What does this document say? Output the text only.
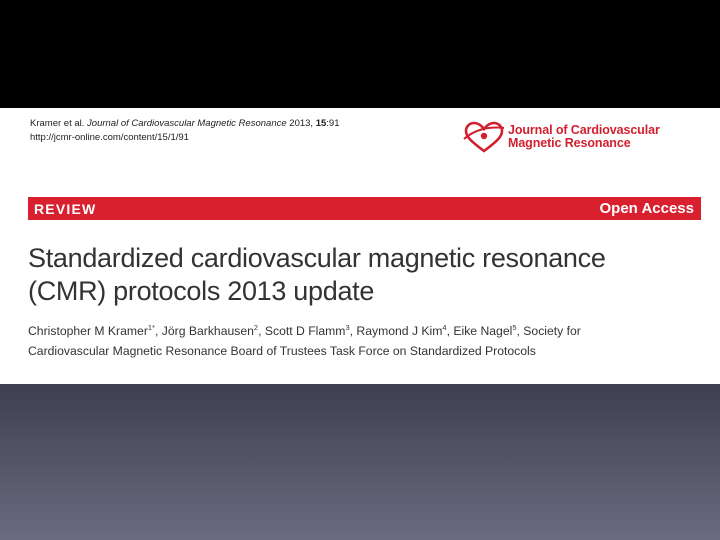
Kramer et al. Journal of Cardiovascular Magnetic Resonance 2013, 15:91
http://jcmr-online.com/content/15/1/91
Journal of Cardiovascular
Magnetic Resonance
REVIEW	Open Access
Standardized cardiovascular magnetic resonance
(CMR) protocols 2013 update
Christopher M Kramer$^{1*}$, Jörg Barkhausen$^2$, Scott D Flamm$^3$, Raymond J Kim$^4$, Eike Nagel$^5$, Society for
Cardiovascular Magnetic Resonance Board of Trustees Task Force on Standardized Protocols
